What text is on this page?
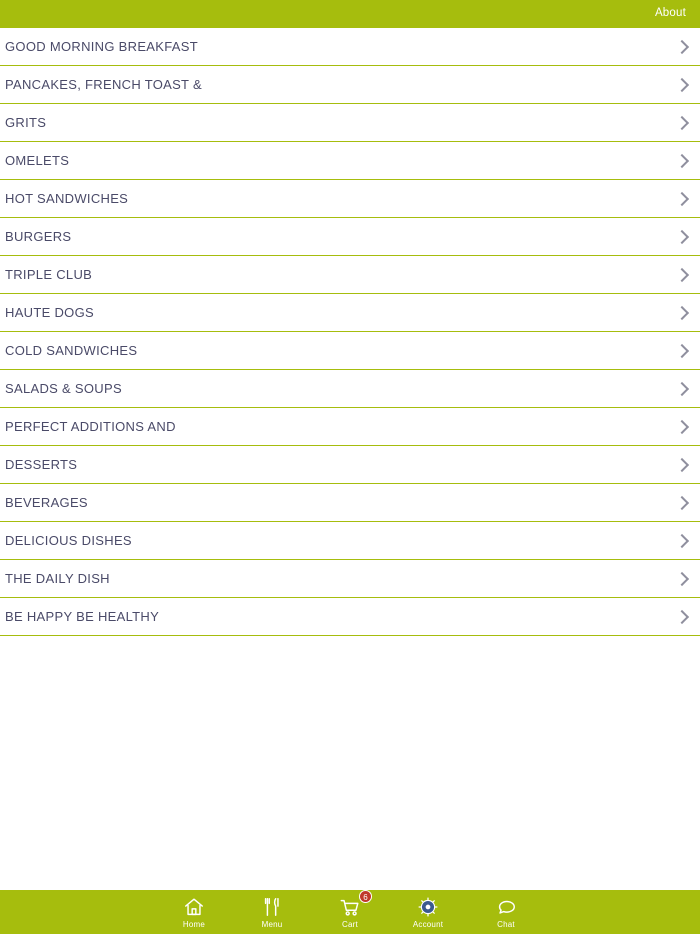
About
GOOD MORNING BREAKFAST
PANCAKES, FRENCH TOAST &
GRITS
OMELETS
HOT SANDWICHES
BURGERS
TRIPLE CLUB
HAUTE DOGS
COLD SANDWICHES
SALADS & SOUPS
PERFECT ADDITIONS AND
DESSERTS
BEVERAGES
DELICIOUS DISHES
THE DAILY DISH
BE HAPPY BE HEALTHY
Home	Menu
6
Cart	Account	Chat
